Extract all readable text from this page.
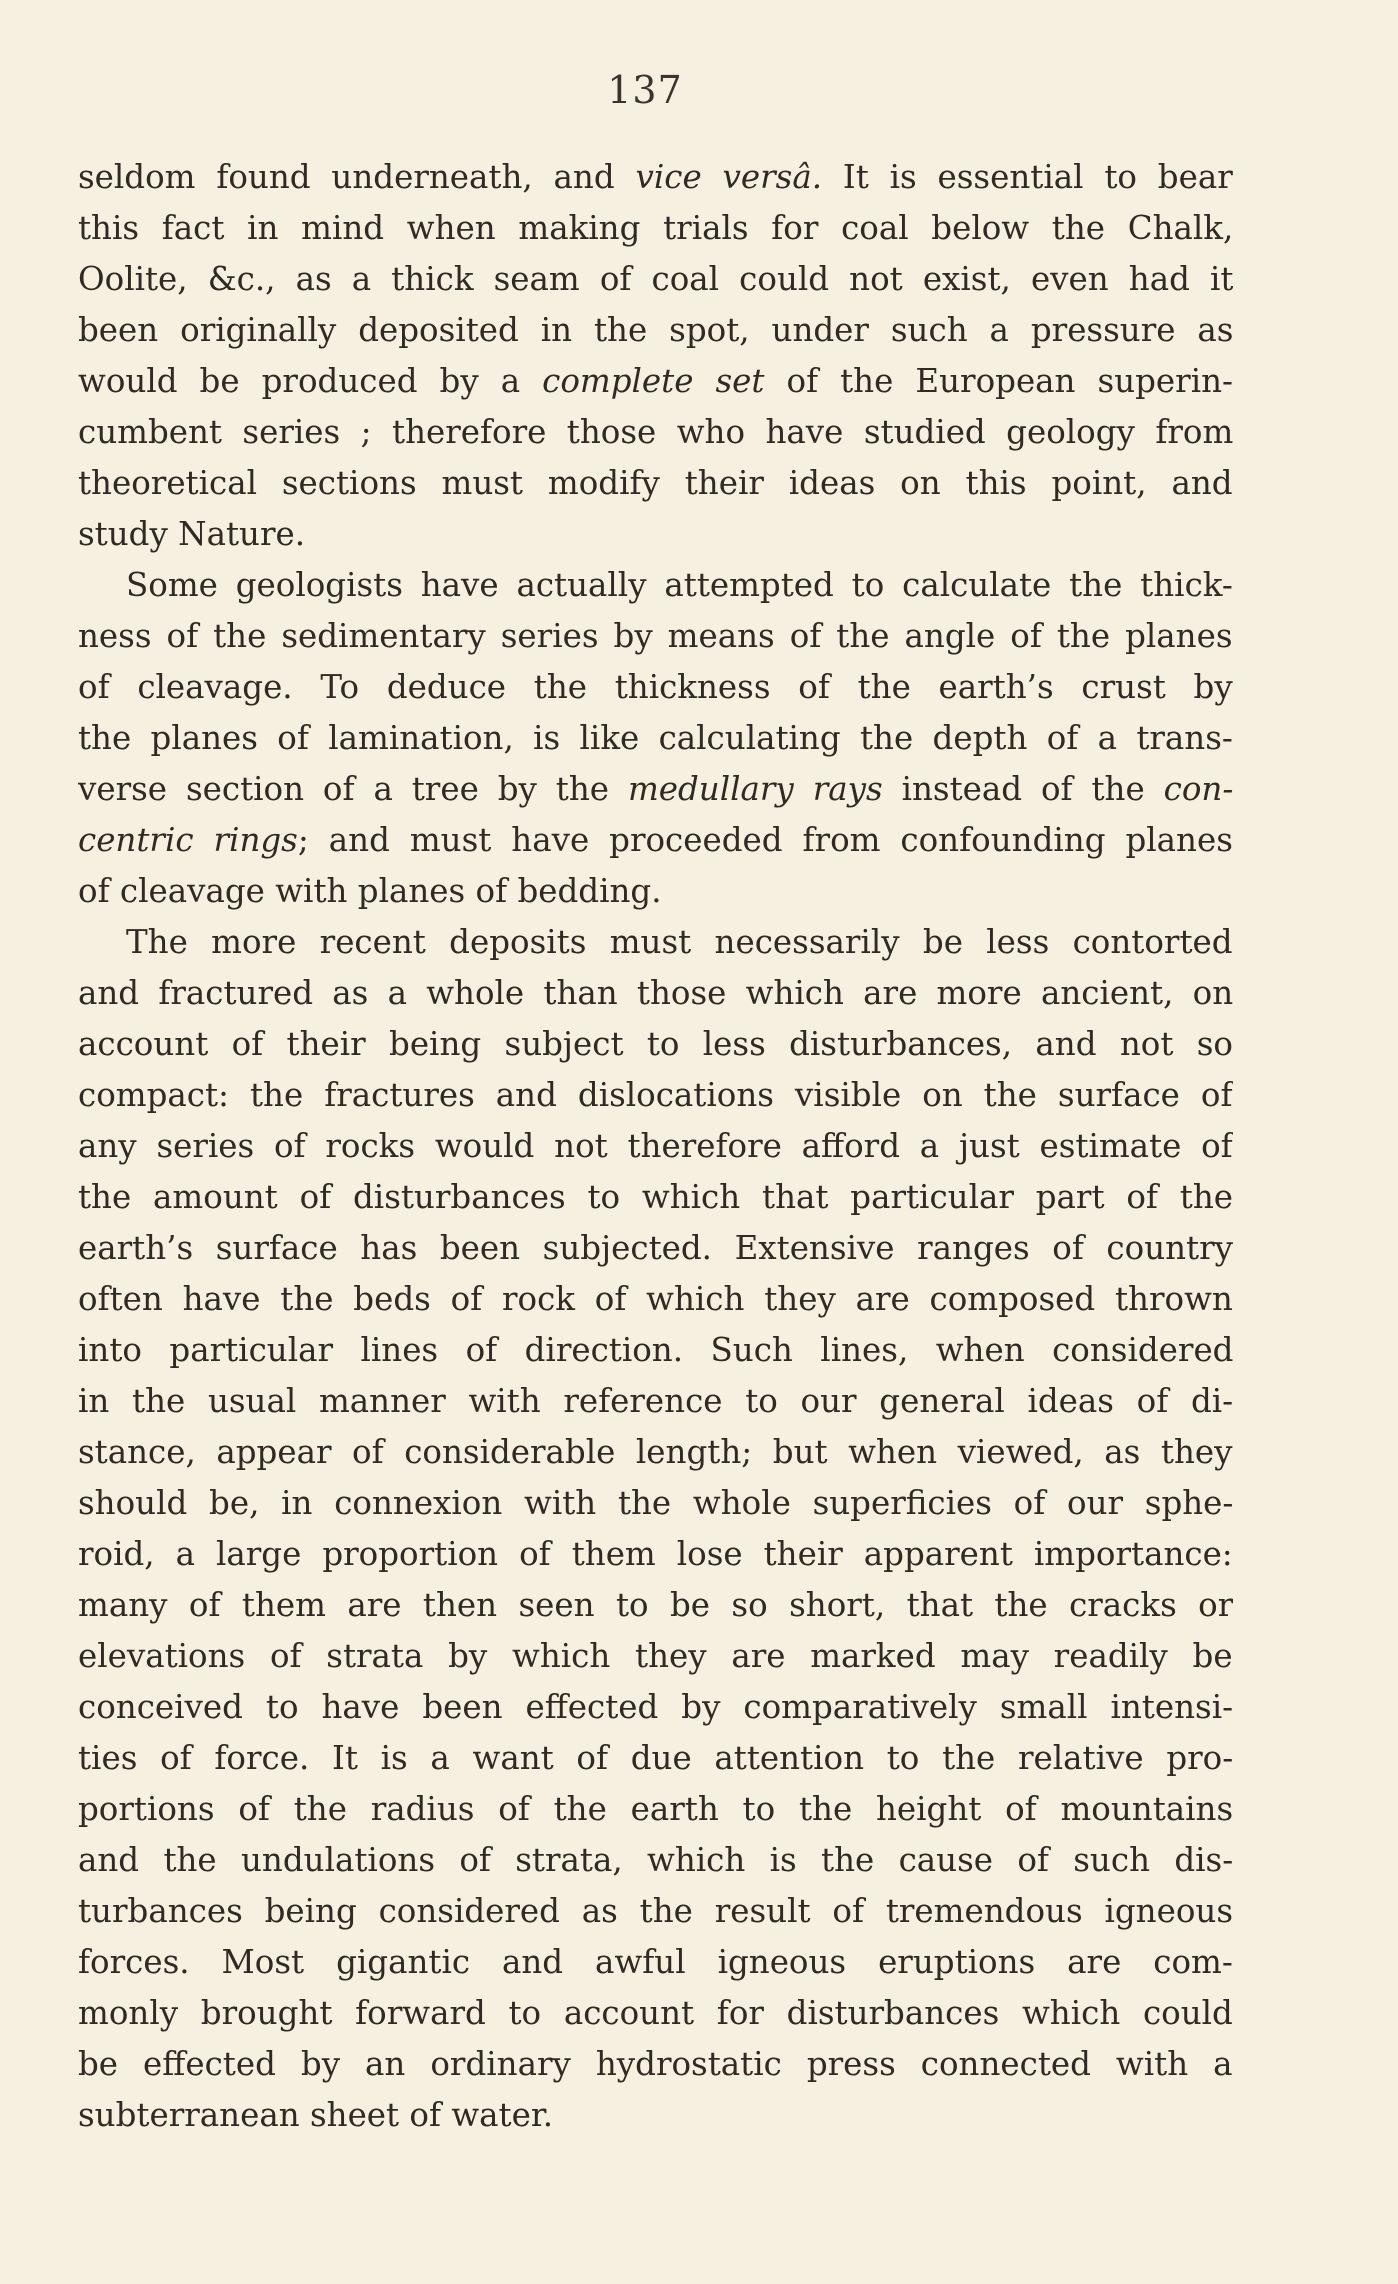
137
seldom found underneath, and vice versâ. It is essential to bear
this fact in mind when making trials for coal below the Chalk,
Oolite, &c., as a thick seam of coal could not exist, even had it
been originally deposited in the spot, under such a pressure as
would be produced by a complete set of the European superin-
cumbent series ; therefore those who have studied geology from
theoretical sections must modify their ideas on this point, and
study Nature.
Some geologists have actually attempted to calculate the thick-
ness of the sedimentary series by means of the angle of the planes
of cleavage. To deduce the thickness of the earth’s crust by
the planes of lamination, is like calculating the depth of a trans-
verse section of a tree by the medullary rays instead of the con-
centric rings; and must have proceeded from confounding planes
of cleavage with planes of bedding.
The more recent deposits must necessarily be less contorted
and fractured as a whole than those which are more ancient, on
account of their being subject to less disturbances, and not so
compact: the fractures and dislocations visible on the surface of
any series of rocks would not therefore afford a just estimate of
the amount of disturbances to which that particular part of the
earth’s surface has been subjected. Extensive ranges of country
often have the beds of rock of which they are composed thrown
into particular lines of direction. Such lines, when considered
in the usual manner with reference to our general ideas of di-
stance, appear of considerable length; but when viewed, as they
should be, in connexion with the whole superficies of our sphe-
roid, a large proportion of them lose their apparent importance:
many of them are then seen to be so short, that the cracks or
elevations of strata by which they are marked may readily be
conceived to have been effected by comparatively small intensi-
ties of force. It is a want of due attention to the relative pro-
portions of the radius of the earth to the height of mountains
and the undulations of strata, which is the cause of such dis-
turbances being considered as the result of tremendous igneous
forces. Most gigantic and awful igneous eruptions are com-
monly brought forward to account for disturbances which could
be effected by an ordinary hydrostatic press connected with a
subterranean sheet of water.
